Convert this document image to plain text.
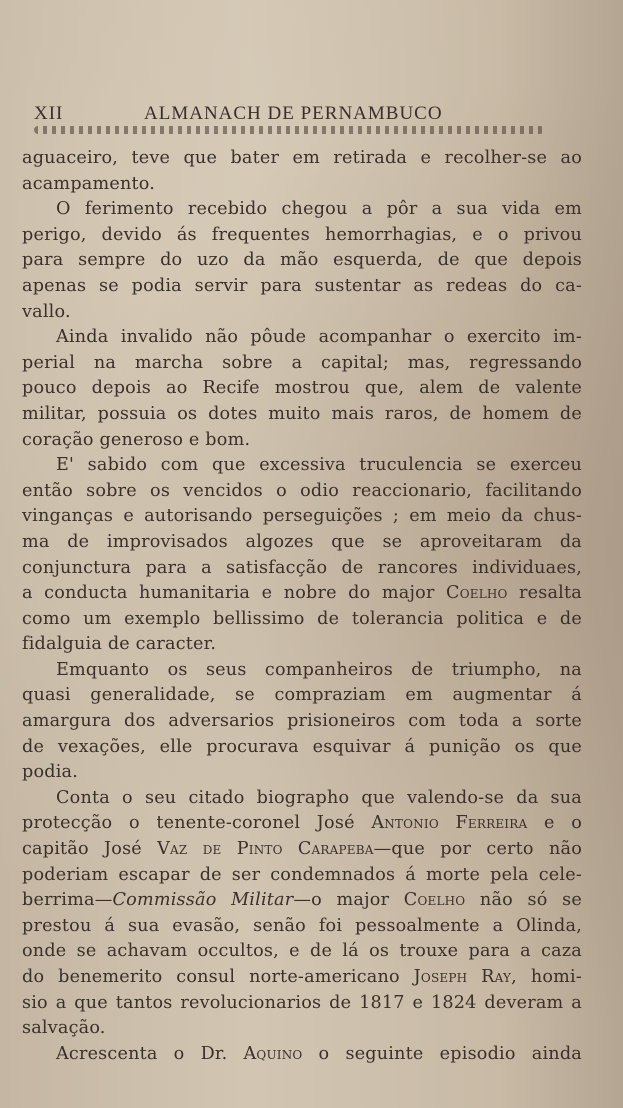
XII	ALMANACH DE PERNAMBUCO
aguaceiro, teve que bater em retirada e recolher-se ao
acampamento.
O ferimento recebido chegou a pôr a sua vida em
perigo, devido ás frequentes hemorrhagias, e o privou
para sempre do uzo da mão esquerda, de que depois
apenas se podia servir para sustentar as redeas do ca-
vallo.
Ainda invalido não pôude acompanhar o exercito im-
perial na marcha sobre a capital; mas, regressando
pouco depois ao Recife mostrou que, alem de valente
militar, possuia os dotes muito mais raros, de homem de
coração generoso e bom.
E' sabido com que excessiva truculencia se exerceu
então sobre os vencidos o odio reaccionario, facilitando
vinganças e autorisando perseguições ; em meio da chus-
ma de improvisados algozes que se aproveitaram da
conjunctura para a satisfacção de rancores individuaes,
a conducta humanitaria e nobre do major Coelho resalta
como um exemplo bellissimo de tolerancia politica e de
fidalguia de caracter.
Emquanto os seus companheiros de triumpho, na
quasi generalidade, se compraziam em augmentar á
amargura dos adversarios prisioneiros com toda a sorte
de vexações, elle procurava esquivar á punição os que
podia.
Conta o seu citado biographo que valendo-se da sua
protecção o tenente-coronel José Antonio Ferreira e o
capitão José Vaz de Pinto Carapeba—que por certo não
poderiam escapar de ser condemnados á morte pela cele-
berrima—Commissão Militar—o major Coelho não só se
prestou á sua evasão, senão foi pessoalmente a Olinda,
onde se achavam occultos, e de lá os trouxe para a caza
do benemerito consul norte-americano Joseph Ray, homi-
sio a que tantos revolucionarios de 1817 e 1824 deveram a
salvação.
Acrescenta o Dr. Aquino o seguinte episodio ainda
